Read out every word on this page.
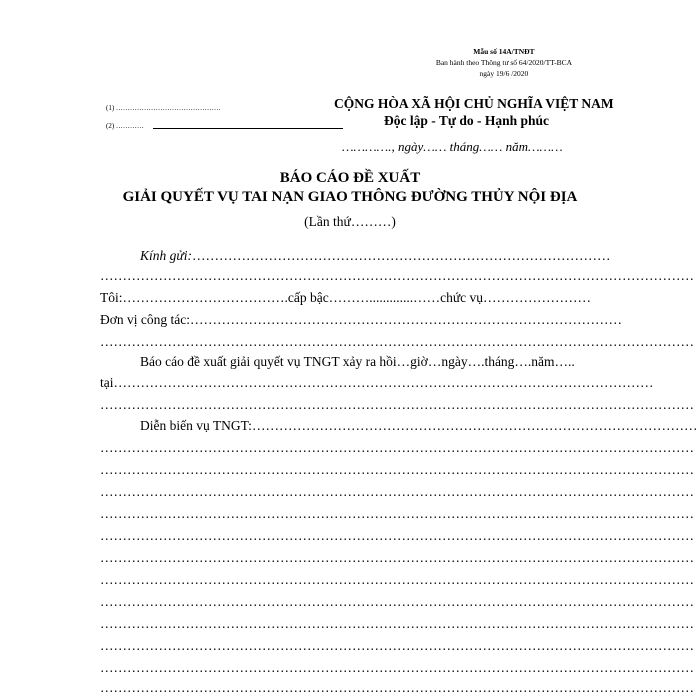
Mẫu số 14A/TNĐT
Ban hành theo Thông tư số 64/2020/TT-BCA
ngày 19/6 /2020
(1) ………………………………………
(2) …………
CỘNG HÒA XÃ HỘI CHỦ NGHĨA VIỆT NAM
Độc lập - Tự do - Hạnh phúc
…………., ngày…… tháng…… năm………
BÁO CÁO ĐỀ XUẤT
GIẢI QUYẾT VỤ TAI NẠN GIAO THÔNG ĐƯỜNG THỦY NỘI ĐỊA
(Lần thứ………)
Kính gửi:…………………………………………………………………………………
……………………………………………………………………………………………………………………
Tôi:……………………………….cấp bậc……….............……chức vụ……………………
Đơn vị công tác:……………………………………………………………………………………
……………………………………………………………………………………………………………………
Báo cáo đề xuất giải quyết vụ TNGT xảy ra hồi…giờ…ngày….tháng….năm…..
tại…………………………………………………………………………………………………………
……………………………………………………………………………………………………………………
Diễn biến vụ TNGT:………………………………………………………………………………………
……………………………………………………………………………………………………………………
……………………………………………………………………………………………………………………
……………………………………………………………………………………………………………………
……………………………………………………………………………………………………………………
……………………………………………………………………………………………………………………
……………………………………………………………………………………………………………………
……………………………………………………………………………………………………………………
……………………………………………………………………………………………………………………
……………………………………………………………………………………………………………………
……………………………………………………………………………………………………………………
……………………………………………………………………………………………………………………
……………………………………………………………………………………………………………………
